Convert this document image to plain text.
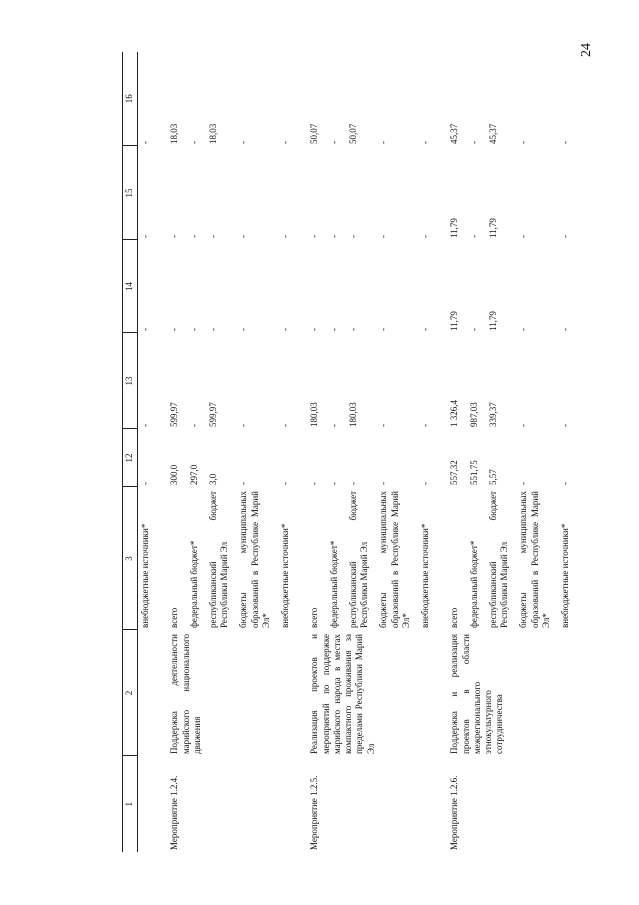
24
1	2	3	12	13	14	15	16
		внебюджетные источники*	-	-	-	-	-

Мероприятие 1.2.4.	Поддержка деятельности марийского национального движения	всего	300,0	599,97	-	-	18,03
		федеральный бюджет*	297,0	-	-	-	-
		республиканский бюджет Республики Марий Эл	3,0	599,97	-	-	18,03
		бюджеты муниципальных образований в Республике Марий Эл*	-	-	-	-	-
		внебюджетные источники*	-	-	-	-	-

Мероприятие 1.2.5.	Реализация проектов и мероприятий по поддержке марийского народа в местах компактного проживания за пределами Республики Марий Эл	всего	-	180,03	-	-	50,07
		федеральный бюджет*	-	-	-	-	-
		республиканский бюджет Республики Марий Эл	-	180,03	-	-	50,07
		бюджеты муниципальных образований в Республике Марий Эл*	-	-	-	-	-
		внебюджетные источники*	-	-	-	-	-

Мероприятие 1.2.6.	Поддержка и реализация проектов в области межрегионального этнокультурного сотрудничества	всего	557,32	1 326,4	11,79	11,79	45,37
		федеральный бюджет*	551,75	987,03	-	-	-
		республиканский бюджет Республики Марий Эл	5,57	339,37	11,79	11,79	45,37
		бюджеты муниципальных образований в Республике Марий Эл*	-	-	-	-	-
		внебюджетные источники*	-	-	-	-	-
